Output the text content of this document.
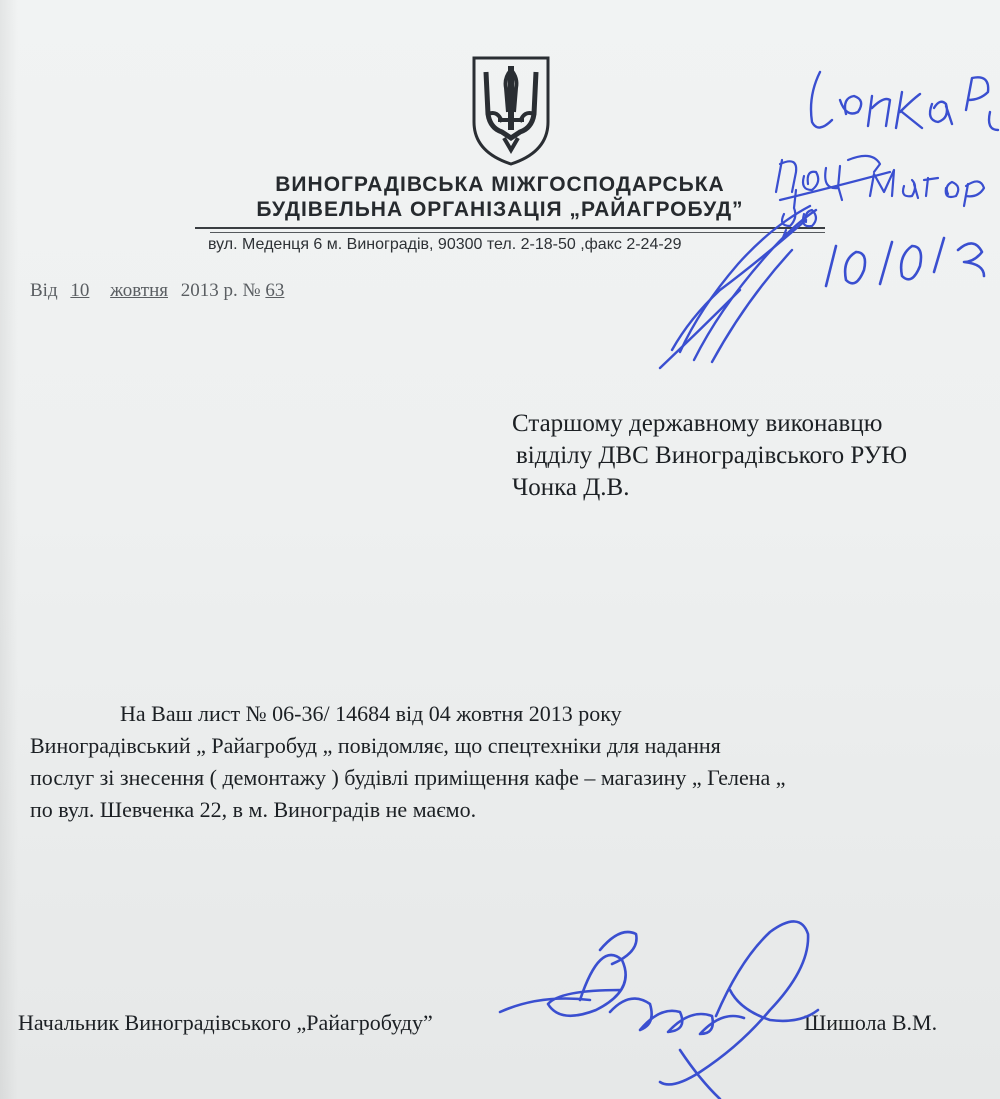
ВИНОГРАДІВСЬКА МІЖГОСПОДАРСЬКА
БУДІВЕЛЬНА ОРГАНІЗАЦІЯ „РАЙАГРОБУД”
вул. Меденця 6 м. Виноградів, 90300 тел. 2-18-50 ,факс 2-24-29
Від 10 жовтня 2013 р. № 63
Старшому державному виконавцю
відділу ДВС Виноградівського РУЮ
Чонка Д.В.
На Ваш лист № 06-36/ 14684 від 04 жовтня 2013 року
Виноградівський „ Райагробуд „ повідомляє, що спецтехніки для надання
послуг зі знесення ( демонтажу ) будівлі приміщення кафе – магазину „ Гелена „
по вул. Шевченка 22, в м. Виноградів не маємо.
Начальник Виноградівського „Райагробуду”	Шишола В.М.
